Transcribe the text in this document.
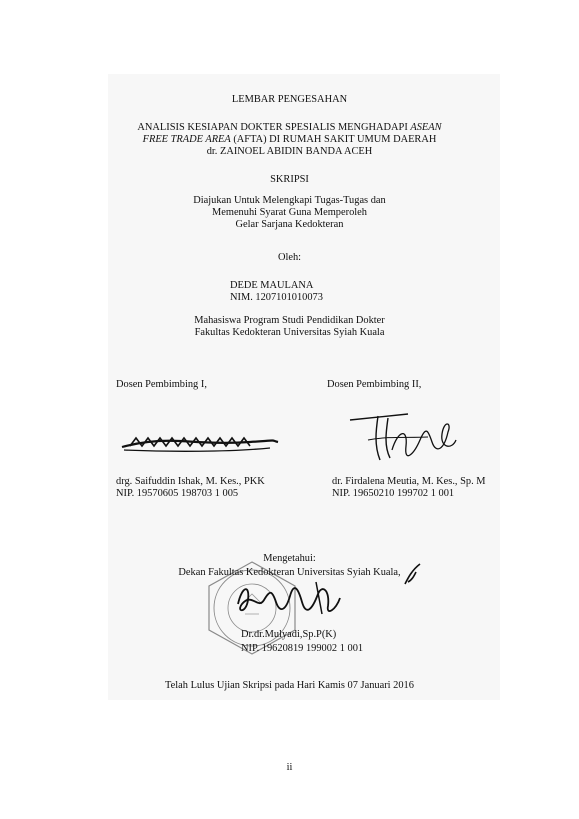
LEMBAR PENGESAHAN
ANALISIS KESIAPAN DOKTER SPESIALIS MENGHADAPI ASEAN
FREE TRADE AREA (AFTA) DI RUMAH SAKIT UMUM DAERAH
dr. ZAINOEL ABIDIN BANDA ACEH
SKRIPSI
Diajukan Untuk Melengkapi Tugas-Tugas dan
Memenuhi Syarat Guna Memperoleh
Gelar Sarjana Kedokteran
Oleh:
DEDE MAULANA
NIM. 1207101010073
Mahasiswa Program Studi Pendidikan Dokter
Fakultas Kedokteran Universitas Syiah Kuala
Dosen Pembimbing I,	Dosen Pembimbing II,
drg. Saifuddin Ishak, M. Kes., PKK
NIP. 19570605 198703 1 005
dr. Firdalena Meutia, M. Kes., Sp. M
NIP. 19650210 199702 1 001
Mengetahui:
Dekan Fakultas Kedokteran Universitas Syiah Kuala,
Dr.dr.Mulyadi,Sp.P(K)
NIP. 19620819 199002 1 001
Telah Lulus Ujian Skripsi pada Hari Kamis 07 Januari 2016
ii
